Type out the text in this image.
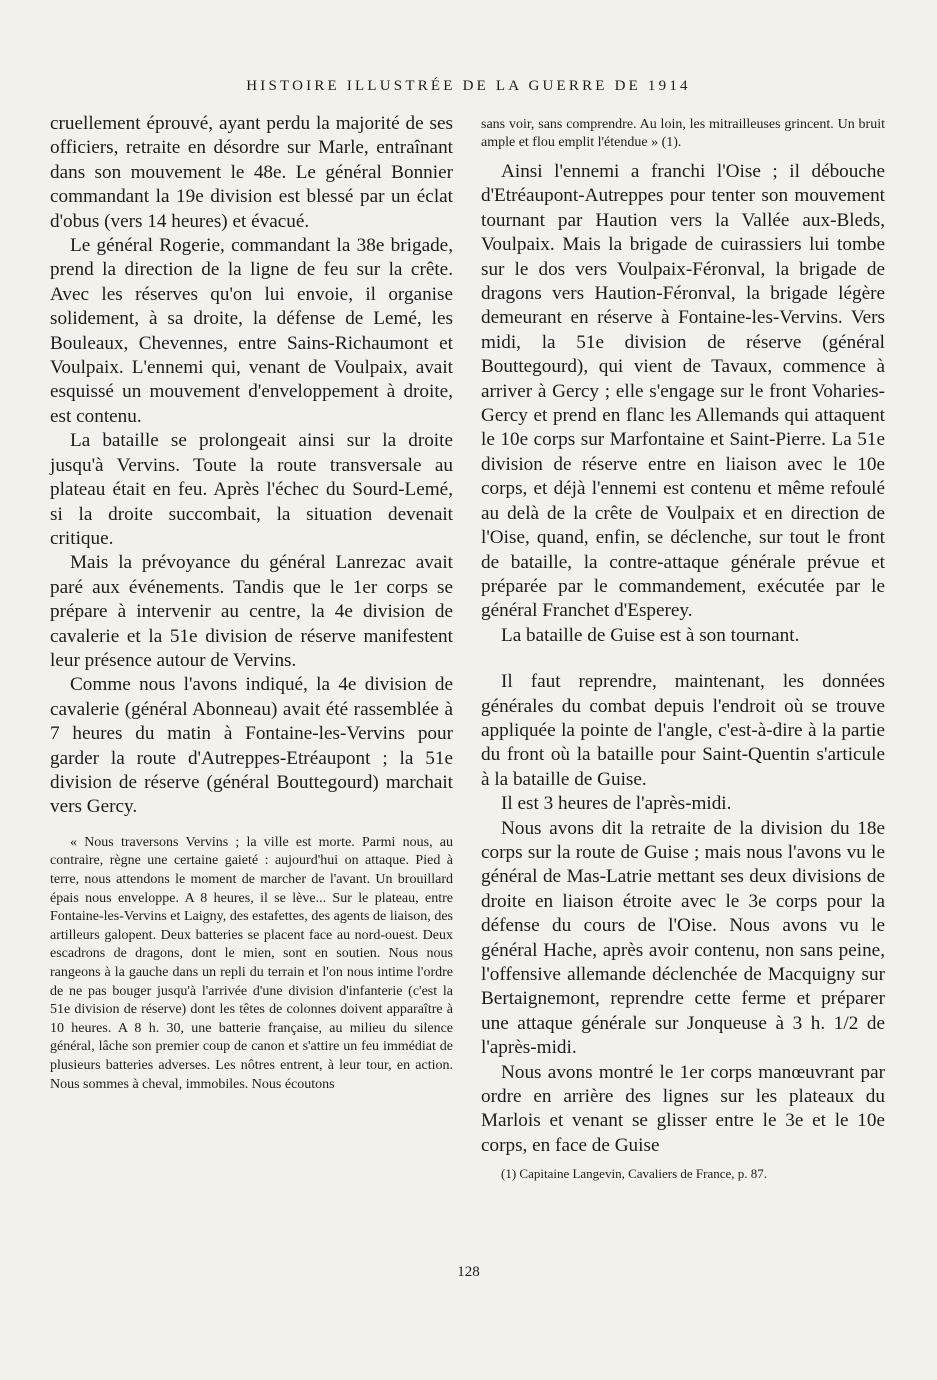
HISTOIRE ILLUSTRÉE DE LA GUERRE DE 1914

cruellement éprouvé, ayant perdu la majorité de ses officiers, retraite en désordre sur Marle, entraînant dans son mouvement le 48e. Le général Bonnier commandant la 19e division est blessé par un éclat d'obus (vers 14 heures) et évacué.

Le général Rogerie, commandant la 38e brigade, prend la direction de la ligne de feu sur la crête. Avec les réserves qu'on lui envoie, il organise solidement, à sa droite, la défense de Lemé, les Bouleaux, Chevennes, entre Sains-Richaumont et Voulpaix. L'ennemi qui, venant de Voulpaix, avait esquissé un mouvement d'enveloppement à droite, est contenu.

La bataille se prolongeait ainsi sur la droite jusqu'à Vervins. Toute la route transversale au plateau était en feu. Après l'échec du Sourd-Lemé, si la droite succombait, la situation devenait critique.

Mais la prévoyance du général Lanrezac avait paré aux événements. Tandis que le 1er corps se prépare à intervenir au centre, la 4e division de cavalerie et la 51e division de réserve manifestent leur présence autour de Vervins.

Comme nous l'avons indiqué, la 4e division de cavalerie (général Abonneau) avait été rassemblée à 7 heures du matin à Fontaine-les-Vervins pour garder la route d'Autreppes-Etréaupont ; la 51e division de réserve (général Bouttegourd) marchait vers Gercy.

« Nous traversons Vervins ; la ville est morte. Parmi nous, au contraire, règne une certaine gaieté : aujourd'hui on attaque. Pied à terre, nous attendons le moment de marcher de l'avant. Un brouillard épais nous enveloppe. A 8 heures, il se lève... Sur le plateau, entre Fontaine-les-Vervins et Laigny, des estafettes, des agents de liaison, des artilleurs galopent. Deux batteries se placent face au nord-ouest. Deux escadrons de dragons, dont le mien, sont en soutien. Nous nous rangeons à la gauche dans un repli du terrain et l'on nous intime l'ordre de ne pas bouger jusqu'à l'arrivée d'une division d'infanterie (c'est la 51e division de réserve) dont les têtes de colonnes doivent apparaître à 10 heures. A 8 h. 30, une batterie française, au milieu du silence général, lâche son premier coup de canon et s'attire un feu immédiat de plusieurs batteries adverses. Les nôtres entrent, à leur tour, en action. Nous sommes à cheval, immobiles. Nous écoutons

sans voir, sans comprendre. Au loin, les mitrailleuses grincent. Un bruit ample et flou emplit l'étendue » (1).

Ainsi l'ennemi a franchi l'Oise ; il débouche d'Etréaupont-Autreppes pour tenter son mouvement tournant par Haution vers la Vallée aux-Bleds, Voulpaix. Mais la brigade de cuirassiers lui tombe sur le dos vers Voulpaix-Féronval, la brigade de dragons vers Haution-Féronval, la brigade légère demeurant en réserve à Fontaine-les-Vervins. Vers midi, la 51e division de réserve (général Bouttegourd), qui vient de Tavaux, commence à arriver à Gercy ; elle s'engage sur le front Voharies-Gercy et prend en flanc les Allemands qui attaquent le 10e corps sur Marfontaine et Saint-Pierre. La 51e division de réserve entre en liaison avec le 10e corps, et déjà l'ennemi est contenu et même refoulé au delà de la crête de Voulpaix et en direction de l'Oise, quand, enfin, se déclenche, sur tout le front de bataille, la contre-attaque générale prévue et préparée par le commandement, exécutée par le général Franchet d'Esperey.

La bataille de Guise est à son tournant.

Il faut reprendre, maintenant, les données générales du combat depuis l'endroit où se trouve appliquée la pointe de l'angle, c'est-à-dire à la partie du front où la bataille pour Saint-Quentin s'articule à la bataille de Guise.

Il est 3 heures de l'après-midi.

Nous avons dit la retraite de la division du 18e corps sur la route de Guise ; mais nous l'avons vu le général de Mas-Latrie mettant ses deux divisions de droite en liaison étroite avec le 3e corps pour la défense du cours de l'Oise. Nous avons vu le général Hache, après avoir contenu, non sans peine, l'offensive allemande déclenchée de Macquigny sur Bertaignemont, reprendre cette ferme et préparer une attaque générale sur Jonqueuse à 3 h. 1/2 de l'après-midi.

Nous avons montré le 1er corps manœuvrant par ordre en arrière des lignes sur les plateaux du Marlois et venant se glisser entre le 3e et le 10e corps, en face de Guise

(1) Capitaine Langevin, Cavaliers de France, p. 87.

128
